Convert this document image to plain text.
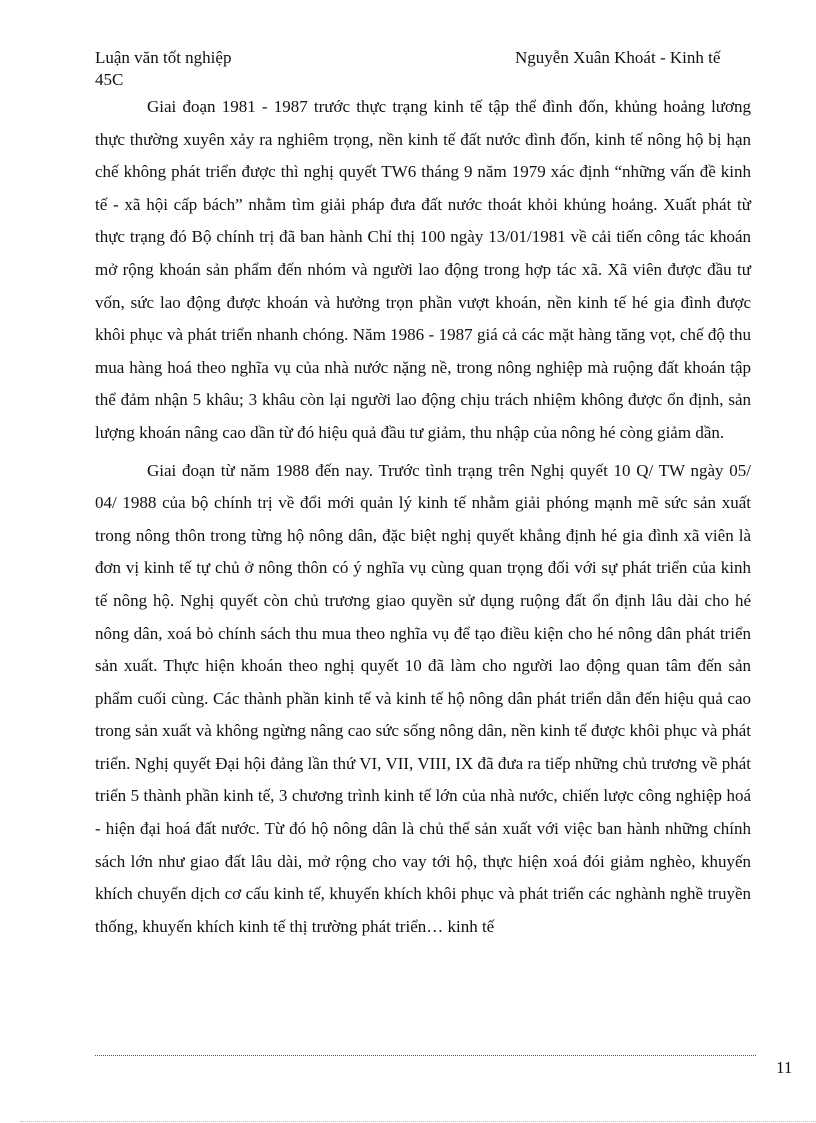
Luận văn tốt nghiệp	Nguyễn Xuân Khoát - Kinh tế
45C

Giai đoạn 1981 - 1987 trước thực trạng kinh tế tập thể đình đốn, khủng hoảng lương thực thường xuyên xảy ra nghiêm trọng, nền kinh tế đất nước đình đốn, kinh tế nông hộ bị hạn chế không phát triển được thì nghị quyết TW6 tháng 9 năm 1979 xác định “những vấn đề kinh tế - xã hội cấp bách” nhằm tìm giải pháp đưa đất nước thoát khỏi khủng hoảng. Xuất phát từ thực trạng đó Bộ chính trị đã ban hành Chỉ thị 100 ngày 13/01/1981 về cải tiến công tác khoán mở rộng khoán sản phẩm đến nhóm và người lao động trong hợp tác xã. Xã viên được đầu tư vốn, sức lao động được khoán và hưởng trọn phần vượt khoán, nền kinh tế hé gia đình được khôi phục và phát triển nhanh chóng. Năm 1986 - 1987 giá cả các mặt hàng tăng vọt, chế độ thu mua hàng hoá theo nghĩa vụ của nhà nước nặng nề, trong nông nghiệp mà ruộng đất khoán tập thể đảm nhận 5 khâu; 3 khâu còn lại người lao động chịu trách nhiệm không được ổn định, sản lượng khoán nâng cao dần từ đó hiệu quả đầu tư giảm, thu nhập của nông hé còng giảm dần.

Giai đoạn từ năm 1988 đến nay. Trước tình trạng trên Nghị quyết 10 Q/ TW ngày 05/ 04/ 1988 của bộ chính trị về đổi mới quản lý kinh tế nhằm giải phóng mạnh mẽ sức sản xuất trong nông thôn trong từng hộ nông dân, đặc biệt nghị quyết khẳng định hé gia đình xã viên là đơn vị kinh tế tự chủ ở nông thôn có ý nghĩa vụ cùng quan trọng đối với sự phát triển của kinh tế nông hộ. Nghị quyết còn chủ trương giao quyền sử dụng ruộng đất ổn định lâu dài cho hé nông dân, xoá bỏ chính sách thu mua theo nghĩa vụ để tạo điều kiện cho hé nông dân phát triển sản xuất. Thực hiện khoán theo nghị quyết 10 đã làm cho người lao động quan tâm đến sản phẩm cuối cùng. Các thành phần kinh tế và kinh tế hộ nông dân phát triển dẫn đến hiệu quả cao trong sản xuất và không ngừng nâng cao sức sống nông dân, nền kinh tế được khôi phục và phát triển. Nghị quyết Đại hội đảng lần thứ VI, VII, VIII, IX đã đưa ra tiếp những chủ trương về phát triển 5 thành phần kinh tế, 3 chương trình kinh tế lớn của nhà nước, chiến lược công nghiệp hoá - hiện đại hoá đất nước. Từ đó hộ nông dân là chủ thể sản xuất với việc ban hành những chính sách lớn như giao đất lâu dài, mở rộng cho vay tới hộ, thực hiện xoá đói giảm nghèo, khuyến khích chuyển dịch cơ cấu kinh tế, khuyến khích khôi phục và phát triển các nghành nghề truyền thống, khuyến khích kinh tế thị trường phát triển… kinh tế

11
